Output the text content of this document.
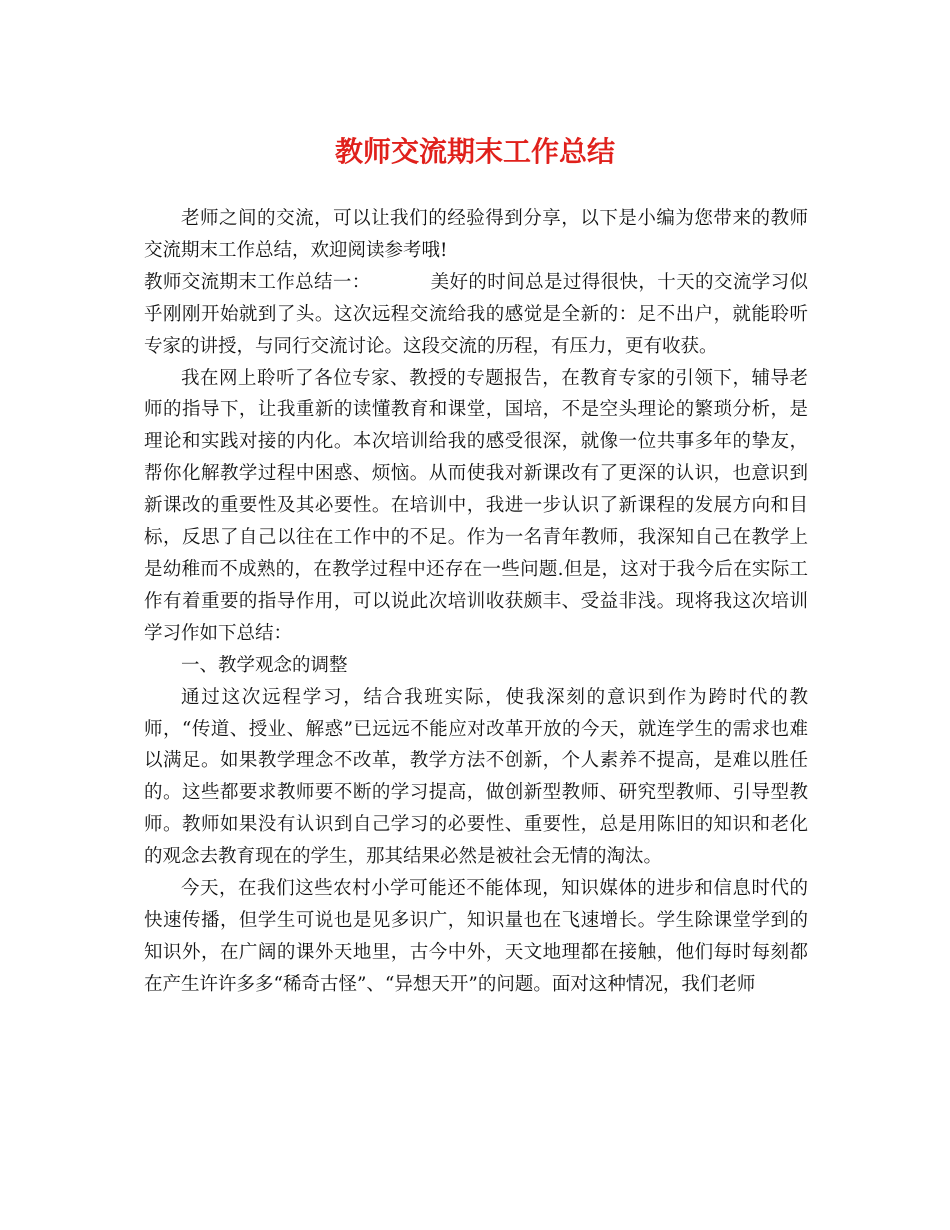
教师交流期末工作总结

老师之间的交流，可以让我们的经验得到分享，以下是小编为您带来的教师交流期末工作总结，欢迎阅读参考哦!

教师交流期末工作总结一：	美好的时间总是过得很快，十天的交流学习似乎刚刚开始就到了头。这次远程交流给我的感觉是全新的：足不出户，就能聆听专家的讲授，与同行交流讨论。这段交流的历程，有压力，更有收获。

我在网上聆听了各位专家、教授的专题报告，在教育专家的引领下，辅导老师的指导下，让我重新的读懂教育和课堂，国培，不是空头理论的繁琐分析，是理论和实践对接的内化。本次培训给我的感受很深，就像一位共事多年的挚友，帮你化解教学过程中困惑、烦恼。从而使我对新课改有了更深的认识，也意识到新课改的重要性及其必要性。在培训中，我进一步认识了新课程的发展方向和目标，反思了自己以往在工作中的不足。作为一名青年教师，我深知自己在教学上是幼稚而不成熟的，在教学过程中还存在一些问题.但是，这对于我今后在实际工作有着重要的指导作用，可以说此次培训收获颇丰、受益非浅。现将我这次培训学习作如下总结：

一、教学观念的调整

通过这次远程学习，结合我班实际，使我深刻的意识到作为跨时代的教师，“传道、授业、解惑”已远远不能应对改革开放的今天，就连学生的需求也难以满足。如果教学理念不改革，教学方法不创新，个人素养不提高，是难以胜任的。这些都要求教师要不断的学习提高，做创新型教师、研究型教师、引导型教师。教师如果没有认识到自己学习的必要性、重要性，总是用陈旧的知识和老化的观念去教育现在的学生，那其结果必然是被社会无情的淘汰。

今天，在我们这些农村小学可能还不能体现，知识媒体的进步和信息时代的快速传播，但学生可说也是见多识广，知识量也在飞速增长。学生除课堂学到的知识外，在广阔的课外天地里，古今中外，天文地理都在接触，他们每时每刻都在产生许许多多“稀奇古怪”、“异想天开”的问题。面对这种情况，我们老师
